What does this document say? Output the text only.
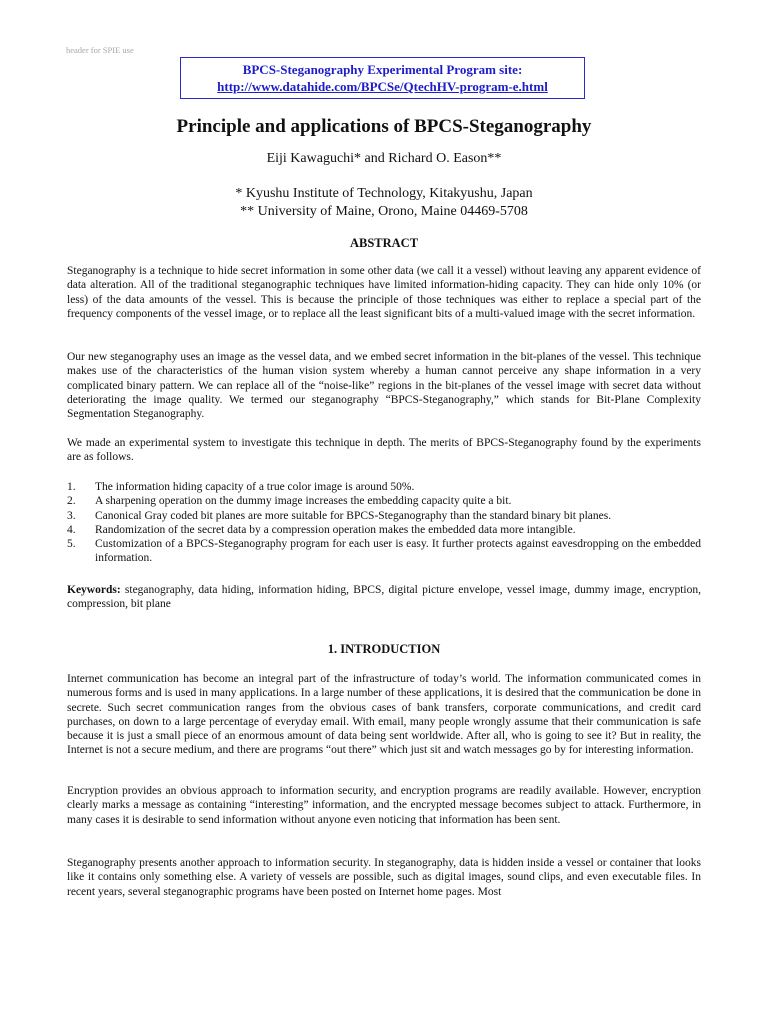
header for SPIE use
BPCS-Steganography Experimental Program site:
http://www.datahide.com/BPCSe/QtechHV-program-e.html
Principle and applications of BPCS-Steganography
Eiji Kawaguchi* and Richard O. Eason**
* Kyushu Institute of Technology, Kitakyushu, Japan
** University of Maine, Orono, Maine 04469-5708
ABSTRACT

Steganography is a technique to hide secret information in some other data (we call it a vessel) without leaving any apparent evidence of data alteration. All of the traditional steganographic techniques have limited information-hiding capacity. They can hide only 10% (or less) of the data amounts of the vessel. This is because the principle of those techniques was either to replace a special part of the frequency components of the vessel image, or to replace all the least significant bits of a multi-valued image with the secret information.

Our new steganography uses an image as the vessel data, and we embed secret information in the bit-planes of the vessel. This technique makes use of the characteristics of the human vision system whereby a human cannot perceive any shape information in a very complicated binary pattern. We can replace all of the “noise-like” regions in the bit-planes of the vessel image with secret data without deteriorating the image quality. We termed our steganography “BPCS-Steganography,” which stands for Bit-Plane Complexity Segmentation Steganography.

We made an experimental system to investigate this technique in depth. The merits of BPCS-Steganography found by the experiments are as follows.

1. The information hiding capacity of a true color image is around 50%.
2. A sharpening operation on the dummy image increases the embedding capacity quite a bit.
3. Canonical Gray coded bit planes are more suitable for BPCS-Steganography than the standard binary bit planes.
4. Randomization of the secret data by a compression operation makes the embedded data more intangible.
5. Customization of a BPCS-Steganography program for each user is easy. It further protects against eavesdropping on the embedded information.

Keywords: steganography, data hiding, information hiding, BPCS, digital picture envelope, vessel image, dummy image, encryption, compression, bit plane

1. INTRODUCTION

Internet communication has become an integral part of the infrastructure of today’s world. The information communicated comes in numerous forms and is used in many applications. In a large number of these applications, it is desired that the communication be done in secrete. Such secret communication ranges from the obvious cases of bank transfers, corporate communications, and credit card purchases, on down to a large percentage of everyday email. With email, many people wrongly assume that their communication is safe because it is just a small piece of an enormous amount of data being sent worldwide. After all, who is going to see it? But in reality, the Internet is not a secure medium, and there are programs “out there” which just sit and watch messages go by for interesting information.

Encryption provides an obvious approach to information security, and encryption programs are readily available. However, encryption clearly marks a message as containing “interesting” information, and the encrypted message becomes subject to attack. Furthermore, in many cases it is desirable to send information without anyone even noticing that information has been sent.

Steganography presents another approach to information security. In steganography, data is hidden inside a vessel or container that looks like it contains only something else. A variety of vessels are possible, such as digital images, sound clips, and even executable files. In recent years, several steganographic programs have been posted on Internet home pages. Most
